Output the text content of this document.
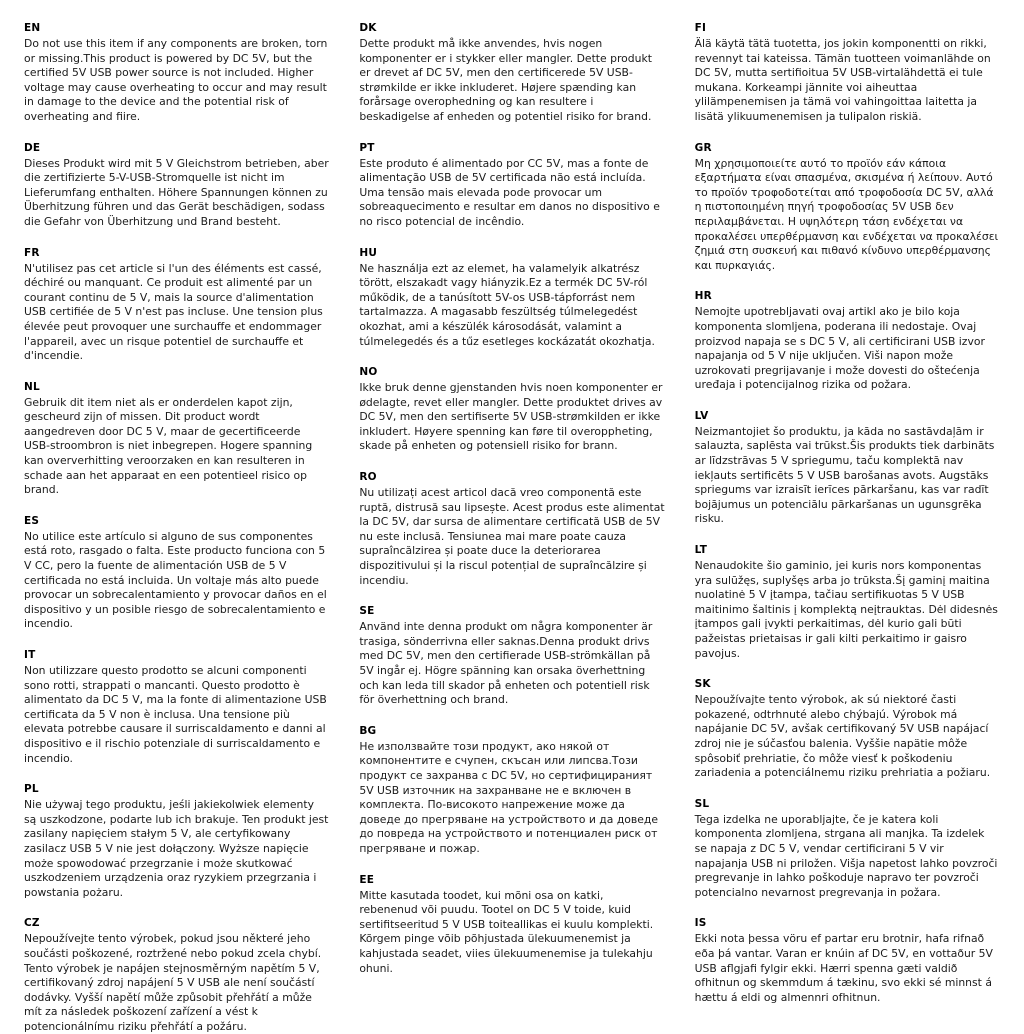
EN
Do not use this item if any components are broken, torn or missing.This product is powered by DC 5V, but the certified 5V USB power source is not included. Higher voltage may cause overheating to occur and may result in damage to the device and the potential risk of overheating and fiire.
DE
Dieses Produkt wird mit 5 V Gleichstrom betrieben, aber die zertifizierte 5-V-USB-Stromquelle ist nicht im Lieferumfang enthalten. Höhere Spannungen können zu Überhitzung führen und das Gerät beschädigen, sodass die Gefahr von Überhitzung und Brand besteht.
FR
N'utilisez pas cet article si l'un des éléments est cassé, déchiré ou manquant. Ce produit est alimenté par un courant continu de 5 V, mais la source d'alimentation USB certifiée de 5 V n'est pas incluse. Une tension plus élevée peut provoquer une surchauffe et endommager l'appareil, avec un risque potentiel de surchauffe et d'incendie.
NL
Gebruik dit item niet als er onderdelen kapot zijn, gescheurd zijn of missen. Dit product wordt aangedreven door DC 5 V, maar de gecertificeerde USB-stroombron is niet inbegrepen. Hogere spanning kan oververhitting veroorzaken en kan resulteren in schade aan het apparaat en een potentieel risico op brand.
ES
No utilice este artículo si alguno de sus componentes está roto, rasgado o falta. Este producto funciona con 5 V CC, pero la fuente de alimentación USB de 5 V certificada no está incluida. Un voltaje más alto puede provocar un sobrecalentamiento y provocar daños en el dispositivo y un posible riesgo de sobrecalentamiento e incendio.
IT
Non utilizzare questo prodotto se alcuni componenti sono rotti, strappati o mancanti. Questo prodotto è alimentato da DC 5 V, ma la fonte di alimentazione USB certificata da 5 V non è inclusa. Una tensione più elevata potrebbe causare il surriscaldamento e danni al dispositivo e il rischio potenziale di surriscaldamento e incendio.
PL
Nie używaj tego produktu, jeśli jakiekolwiek elementy są uszkodzone, podarte lub ich brakuje. Ten produkt jest zasilany napięciem stałym 5 V, ale certyfikowany zasilacz USB 5 V nie jest dołączony. Wyższe napięcie może spowodować przegrzanie i może skutkować uszkodzeniem urządzenia oraz ryzykiem przegrzania i powstania pożaru.
CZ
Nepoužívejte tento výrobek, pokud jsou některé jeho součásti poškozené, roztržené nebo pokud zcela chybí. Tento výrobek je napájen stejnosměrným napětím 5 V, certifikovaný zdroj napájení 5 V USB ale není součástí dodávky. Vyšší napětí může způsobit přehřátí a může mít za následek poškození zařízení a vést k potencionálnímu riziku přehřátí a požáru.
DK
Dette produkt må ikke anvendes, hvis nogen komponenter er i stykker eller mangler. Dette produkt er drevet af DC 5V, men den certificerede 5V USB-strømkilde er ikke inkluderet. Højere spænding kan forårsage overophedning og kan resultere i beskadigelse af enheden og potentiel risiko for brand.
PT
Este produto é alimentado por CC 5V, mas a fonte de alimentação USB de 5V certificada não está incluída. Uma tensão mais elevada pode provocar um sobreaquecimento e resultar em danos no dispositivo e no risco potencial de incêndio.
HU
Ne használja ezt az elemet, ha valamelyik alkatrész törött, elszakadt vagy hiányzik.Ez a termék DC 5V-ról működik, de a tanúsított 5V-os USB-tápforrást nem tartalmazza. A magasabb feszültség túlmelegedést okozhat, ami a készülék károsodását, valamint a túlmelegedés és a tűz esetleges kockázatát okozhatja.
NO
Ikke bruk denne gjenstanden hvis noen komponenter er ødelagte, revet eller mangler. Dette produktet drives av DC 5V, men den sertifiserte 5V USB-strømkilden er ikke inkludert. Høyere spenning kan føre til overoppheting, skade på enheten og potensiell risiko for brann.
RO
Nu utilizați acest articol dacă vreo componentă este ruptă, distrusă sau lipsește. Acest produs este alimentat la DC 5V, dar sursa de alimentare certificată USB de 5V nu este inclusă. Tensiunea mai mare poate cauza supraîncălzirea și poate duce la deteriorarea dispozitivului și la riscul potențial de supraîncălzire și incendiu.
SE
Använd inte denna produkt om några komponenter är trasiga, sönderrivna eller saknas.Denna produkt drivs med DC 5V, men den certifierade USB-strömkällan på 5V ingår ej. Högre spänning kan orsaka överhettning och kan leda till skador på enheten och potentiell risk för överhettning och brand.
BG
Не използвайте този продукт, ако някой от компонентите е счупен, скъсан или липсва.Този продукт се захранва с DC 5V, но сертифицираният 5V USB източник на захранване не е включен в комплекта. По-високото напрежение може да доведе до прегряване на устройството и да доведе до повреда на устройството и потенциален риск от прегряване и пожар.
EE
Mitte kasutada toodet, kui mõni osa on katki, rebenenud või puudu. Tootel on DC 5 V toide, kuid sertifitseeritud 5 V USB toiteallikas ei kuulu komplekti. Kõrgem pinge võib põhjustada ülekuumenemist ja kahjustada seadet, viies ülekuumenemise ja tulekahju ohuni.
FI
Älä käytä tätä tuotetta, jos jokin komponentti on rikki, revennyt tai kateissa. Tämän tuotteen voimanlähde on DC 5V, mutta sertifioitua 5V USB-virtalähdettä ei tule mukana. Korkeampi jännite voi aiheuttaa ylilämpenemisen ja tämä voi vahingoittaa laitetta ja lisätä ylikuumenemisen ja tulipalon riskiä.
GR
Μη χρησιμοποιείτε αυτό το προϊόν εάν κάποια εξαρτήματα είναι σπασμένα, σκισμένα ή λείπουν. Αυτό το προϊόν τροφοδοτείται από τροφοδοσία DC 5V, αλλά η πιστοποιημένη πηγή τροφοδοσίας 5V USB δεν περιλαμβάνεται. Η υψηλότερη τάση ενδέχεται να προκαλέσει υπερθέρμανση και ενδέχεται να προκαλέσει ζημιά στη συσκευή και πιθανό κίνδυνο υπερθέρμανσης και πυρκαγιάς.
HR
Nemojte upotrebljavati ovaj artikl ako je bilo koja komponenta slomljena, poderana ili nedostaje. Ovaj proizvod napaja se s DC 5 V, ali certificirani USB izvor napajanja od 5 V nije uključen. Viši napon može uzrokovati pregrijavanje i može dovesti do oštećenja uređaja i potencijalnog rizika od požara.
LV
Neizmantojiet šo produktu, ja kāda no sastāvdaļām ir salauzta, saplēsta vai trūkst.Šis produkts tiek darbināts ar līdzstrāvas 5 V spriegumu, taču komplektā nav iekļauts sertificēts 5 V USB barošanas avots. Augstāks spriegums var izraisīt ierīces pārkaršanu, kas var radīt bojājumus un potenciālu pārkaršanas un ugunsgrēka risku.
LT
Nenaudokite šio gaminio, jei kuris nors komponentas yra sulūžęs, suplyšęs arba jo trūksta.Šį gaminį maitina nuolatinė 5 V įtampa, tačiau sertifikuotas 5 V USB maitinimo šaltinis į komplektą neįtrauktas. Dėl didesnės įtampos gali įvykti perkaitimas, dėl kurio gali būti pažeistas prietaisas ir gali kilti perkaitimo ir gaisro pavojus.
SK
Nepoužívajte tento výrobok, ak sú niektoré časti pokazené, odtrhnuté alebo chýbajú. Výrobok má napájanie DC 5V, avšak certifikovaný 5V USB napájací zdroj nie je súčasťou balenia. Vyššie napätie môže spôsobiť prehriatie, čo môže viesť k poškodeniu zariadenia a potenciálnemu riziku prehriatia a požiaru.
SL
Tega izdelka ne uporabljajte, če je katera koli komponenta zlomljena, strgana ali manjka. Ta izdelek se napaja z DC 5 V, vendar certificirani 5 V vir napajanja USB ni priložen. Višja napetost lahko povzroči pregrevanje in lahko poškoduje napravo ter povzroči potencialno nevarnost pregrevanja in požara.
IS
Ekki nota þessa vöru ef partar eru brotnir, hafa rifnað eða þá vantar. Varan er knúin af DC 5V, en vottaður 5V USB aflgjafi fylgir ekki. Hærri spenna gæti valdið ofhitnun og skemmdum á tækinu, svo ekki sé minnst á hættu á eldi og almennri ofhitnun.
